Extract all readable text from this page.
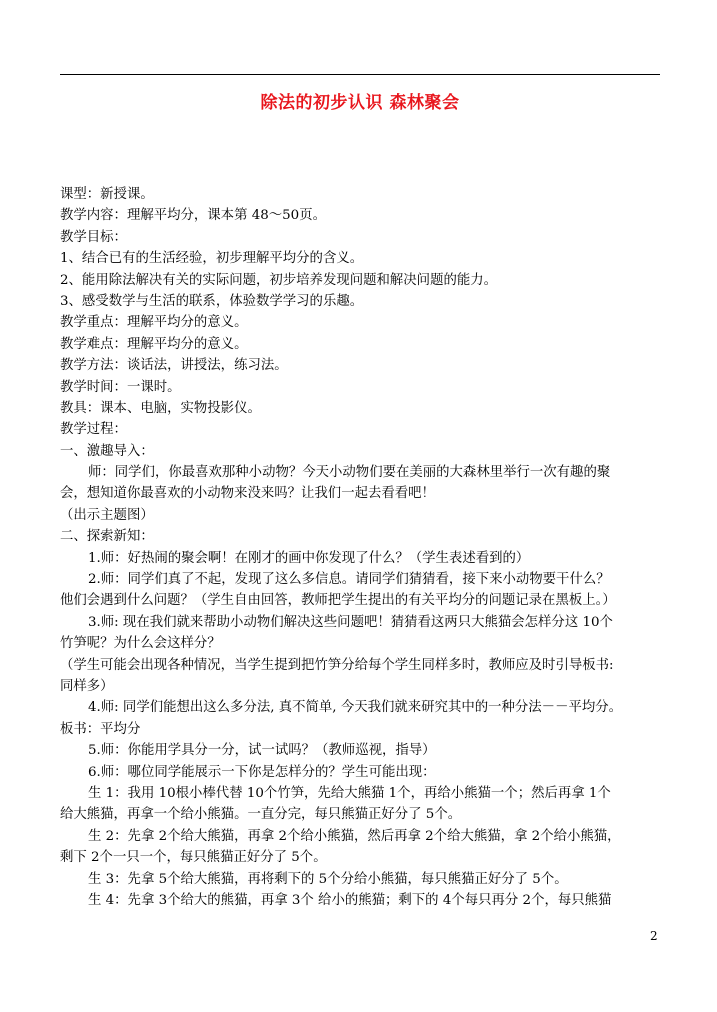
除法的初步认识 森林聚会
课型：新授课。
教学内容：理解平均分，课本第 48～50页。
教学目标：
1、结合已有的生活经验，初步理解平均分的含义。
2、能用除法解决有关的实际问题，初步培养发现问题和解决问题的能力。
3、感受数学与生活的联系，体验数学学习的乐趣。
教学重点：理解平均分的意义。
教学难点：理解平均分的意义。
教学方法：谈话法，讲授法，练习法。
教学时间：一课时。
教具：课本、电脑，实物投影仪。
教学过程：
一、激趣导入：
师：同学们，你最喜欢那种小动物？今天小动物们要在美丽的大森林里举行一次有趣的聚
会，想知道你最喜欢的小动物来没来吗？让我们一起去看看吧！
（出示主题图）
二、探索新知：
1.师：好热闹的聚会啊！在刚才的画中你发现了什么？（学生表述看到的）
2.师：同学们真了不起，发现了这么多信息。请同学们猜猜看，接下来小动物要干什么？
他们会遇到什么问题？（学生自由回答，教师把学生提出的有关平均分的问题记录在黑板上。）
3.师: 现在我们就来帮助小动物们解决这些问题吧！猜猜看这两只大熊猫会怎样分这 10个
竹笋呢？为什么会这样分？
（学生可能会出现各种情况，当学生提到把竹笋分给每个学生同样多时，教师应及时引导板书:
同样多）
4.师: 同学们能想出这么多分法, 真不简单, 今天我们就来研究其中的一种分法－－平均分。
板书：平均分
5.师：你能用学具分一分，试一试吗？（教师巡视，指导）
6.师：哪位同学能展示一下你是怎样分的？学生可能出现：
生 1：我用 10根小棒代替 10个竹笋，先给大熊猫 1个，再给小熊猫一个；然后再拿 1个
给大熊猫，再拿一个给小熊猫。一直分完，每只熊猫正好分了 5个。
生 2：先拿 2个给大熊猫，再拿 2个给小熊猫，然后再拿 2个给大熊猫，拿 2个给小熊猫，
剩下 2个一只一个，每只熊猫正好分了 5个。
生 3：先拿 5个给大熊猫，再将剩下的 5个分给小熊猫，每只熊猫正好分了 5个。
生 4：先拿 3个给大的熊猫，再拿 3个 给小的熊猫；剩下的 4个每只再分 2个，每只熊猫
2
